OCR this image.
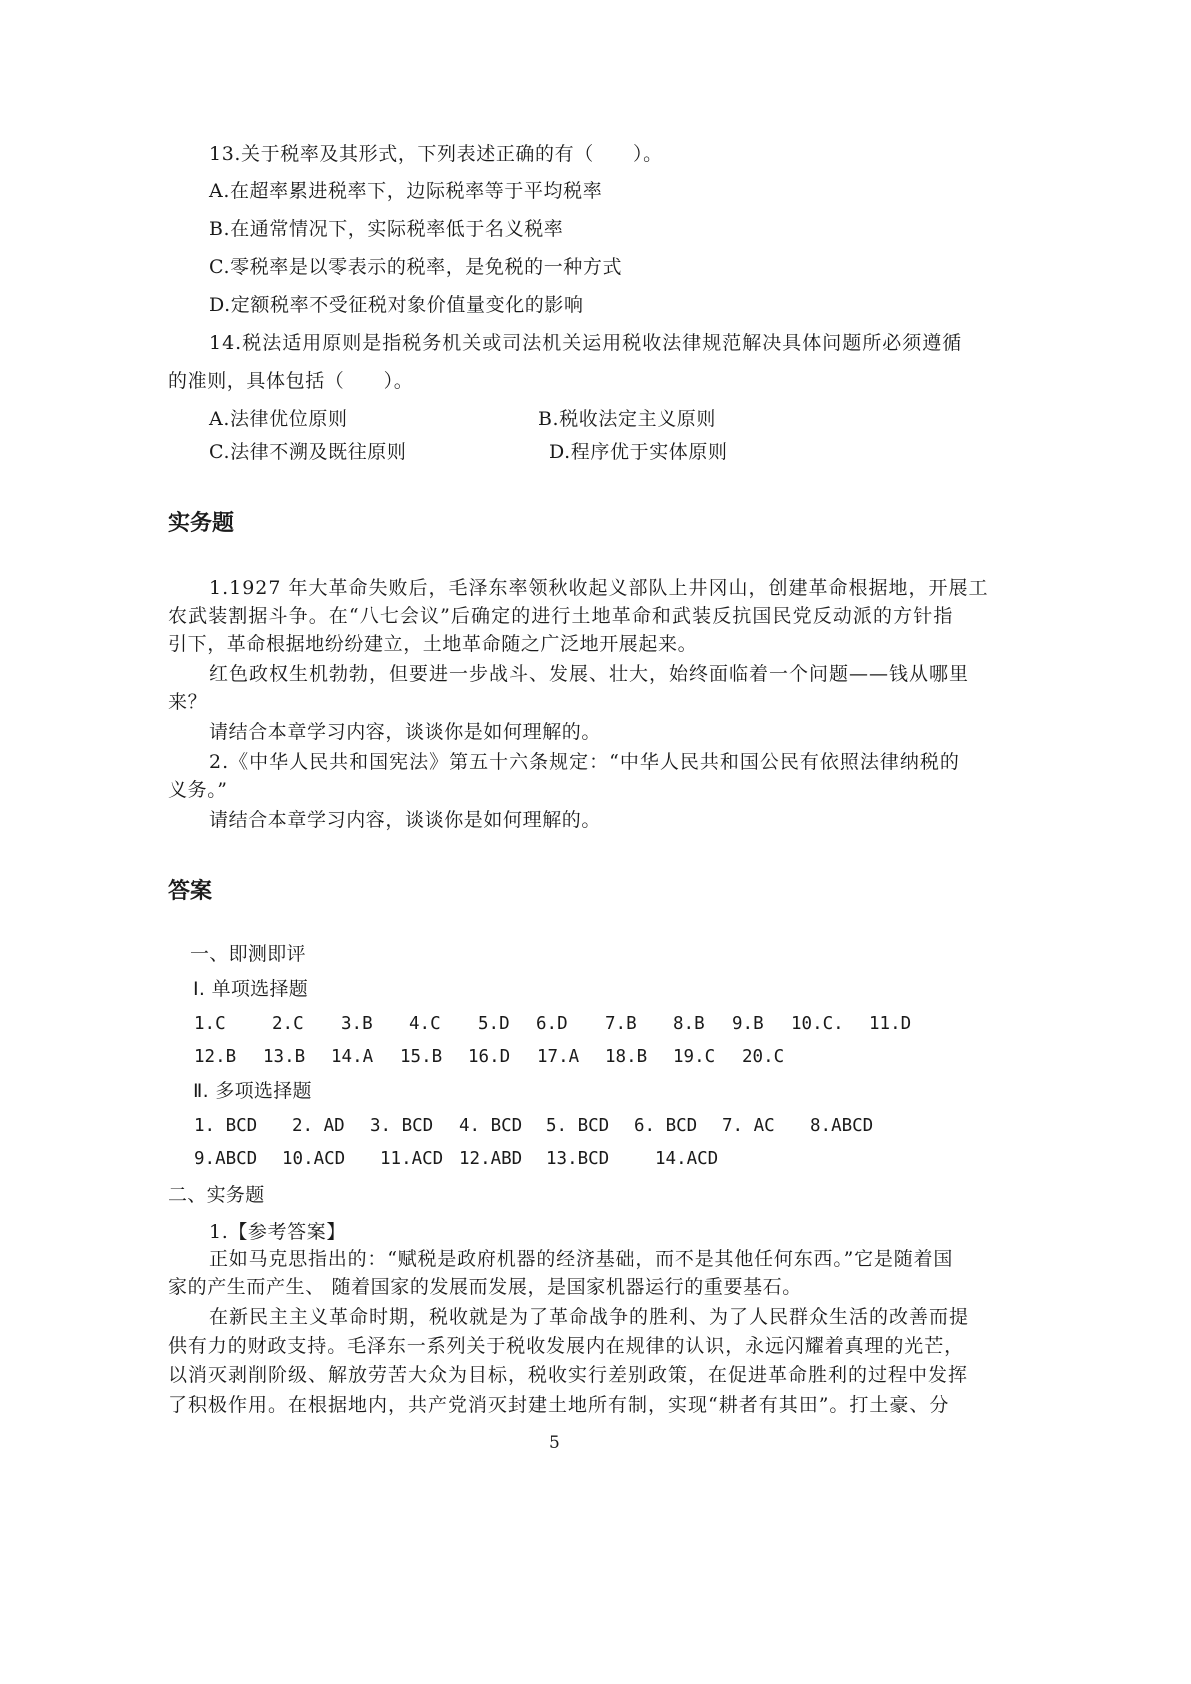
13.关于税率及其形式，下列表述正确的有（　　）。
A.在超率累进税率下，边际税率等于平均税率
B.在通常情况下，实际税率低于名义税率
C.零税率是以零表示的税率，是免税的一种方式
D.定额税率不受征税对象价值量变化的影响
14.税法适用原则是指税务机关或司法机关运用税收法律规范解决具体问题所必须遵循
的准则，具体包括（　　）。
A.法律优位原则	B.税收法定主义原则
C.法律不溯及既往原则	D.程序优于实体原则
实务题
1.1927 年大革命失败后，毛泽东率领秋收起义部队上井冈山，创建革命根据地，开展工
农武装割据斗争。在“八七会议”后确定的进行土地革命和武装反抗国民党反动派的方针指
引下，革命根据地纷纷建立，土地革命随之广泛地开展起来。
红色政权生机勃勃，但要进一步战斗、发展、壮大，始终面临着一个问题——钱从哪里
来？
请结合本章学习内容，谈谈你是如何理解的。
2.《中华人民共和国宪法》第五十六条规定：“中华人民共和国公民有依照法律纳税的
义务。”
请结合本章学习内容，谈谈你是如何理解的。
答案
一、即测即评
Ⅰ. 单项选择题
1.C	2.C 3.B 4.C 5.D 6.D 7.B 8.B 9.B 10.C. 11.D
12.B 13.B 14.A 15.B 16.D 17.A 18.B 19.C 20.C
Ⅱ. 多项选择题
1. BCD 2. AD 3. BCD 4. BCD 5. BCD 6. BCD 7. AC 8.ABCD
9.ABCD 10.ACD 11.ACD 12.ABD 13.BCD	14.ACD
二、实务题
1.【参考答案】
正如马克思指出的：“赋税是政府机器的经济基础，而不是其他任何东西。”它是随着国
家的产生而产生、 随着国家的发展而发展，是国家机器运行的重要基石。
在新民主主义革命时期，税收就是为了革命战争的胜利、为了人民群众生活的改善而提
供有力的财政支持。毛泽东一系列关于税收发展内在规律的认识，永远闪耀着真理的光芒，
以消灭剥削阶级、解放劳苦大众为目标，税收实行差别政策，在促进革命胜利的过程中发挥
了积极作用。在根据地内，共产党消灭封建土地所有制，实现“耕者有其田”。打土豪、分
5
